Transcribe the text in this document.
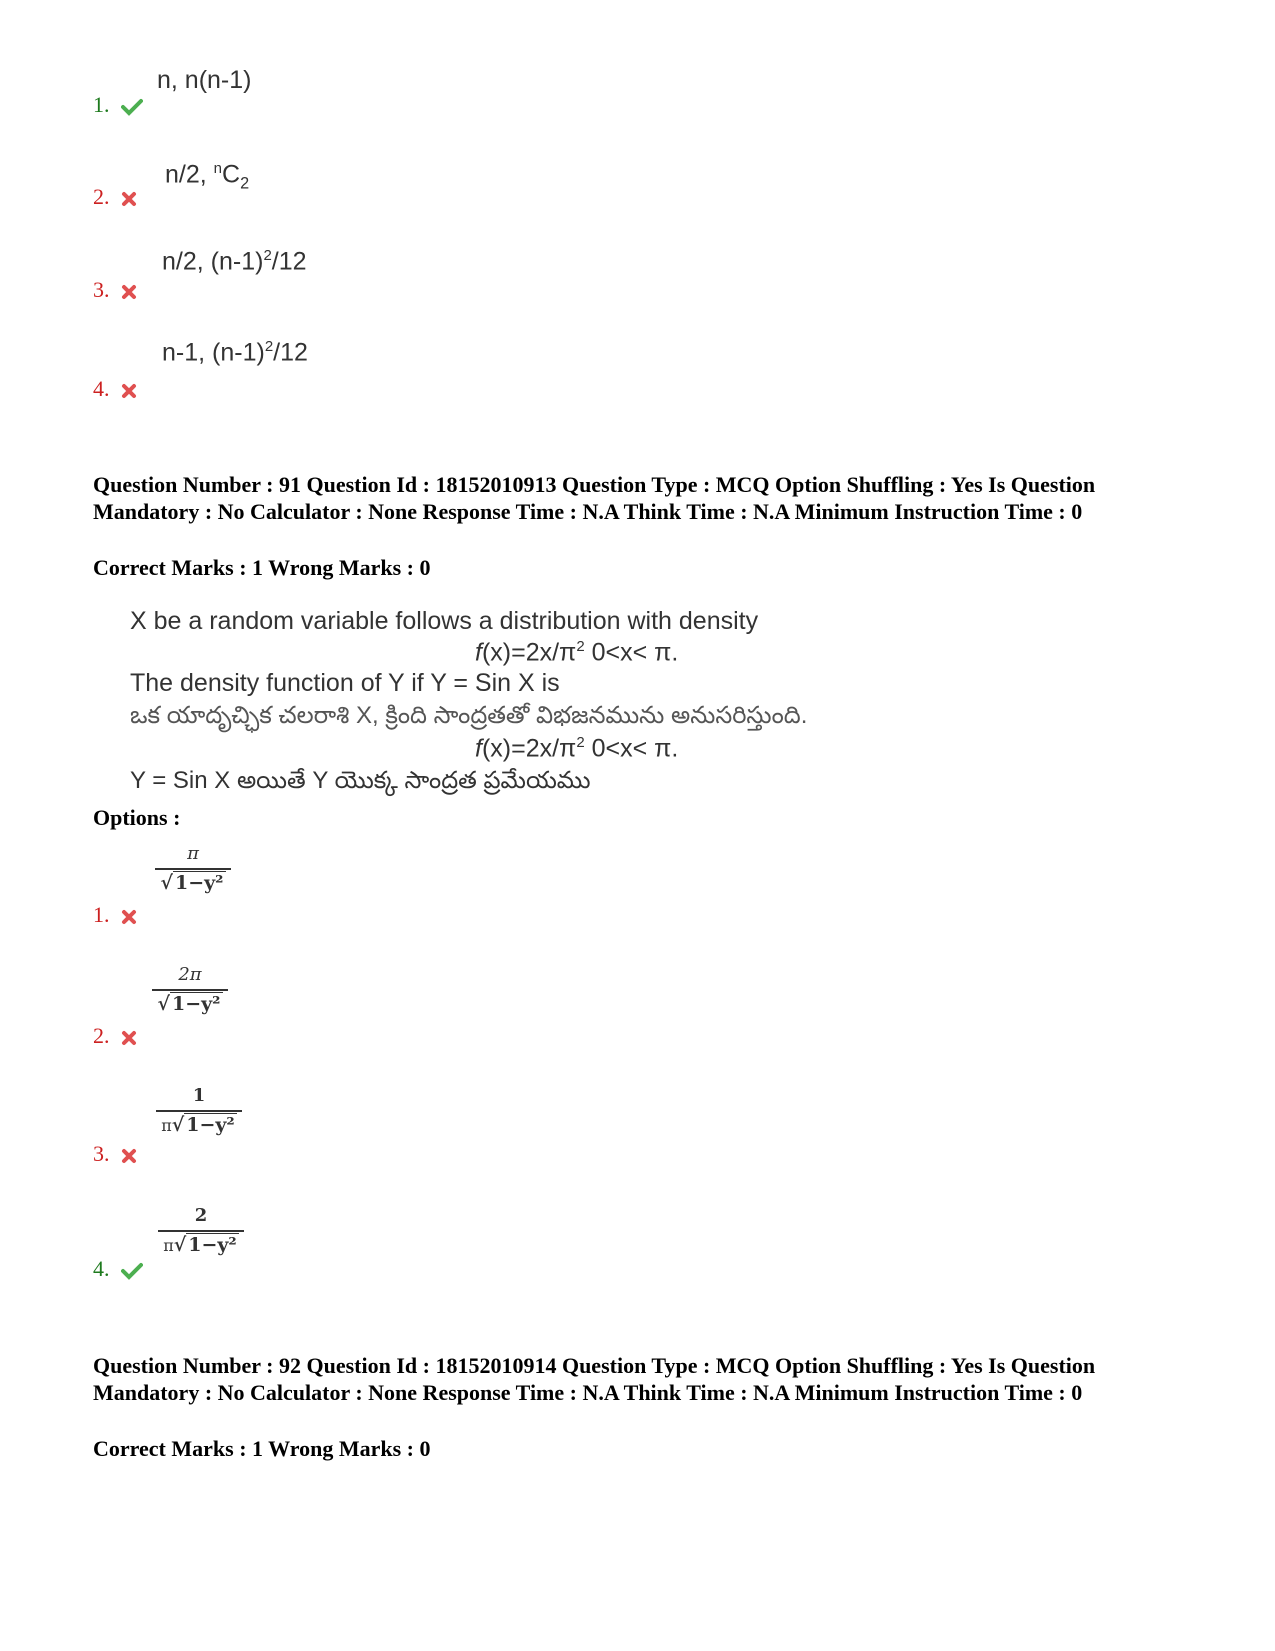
1.
n, n(n-1)
2.
n/2, $^nC_2$
3.
n/2, $(n-1)^2/12$
4.
n-1, $(n-1)^2/12$
Question Number : 91 Question Id : 18152010913 Question Type : MCQ Option Shuffling : Yes Is Question Mandatory : No Calculator : None Response Time : N.A Think Time : N.A Minimum Instruction Time : 0
Correct Marks : 1 Wrong Marks : 0
X be a random variable follows a distribution with density
$f(x)=2x/\pi^2$ 0<x< π.
The density function of Y if Y = Sin X is
ఒక యాదృచ్ఛిక చలరాశి X, క్రింది సాంద్రతతో విభజనమును అనుసరిస్తుంది.
$f(x)=2x/\pi^2$ 0<x< π.
Y = Sin X అయితే Y యొక్క సాంద్రత ప్రమేయము
Options :
1.
π
√ 1−y²
2.
2π
√ 1−y²
3.
1
π√ 1−y²
4.
2
π√ 1−y²
Question Number : 92 Question Id : 18152010914 Question Type : MCQ Option Shuffling : Yes Is Question Mandatory : No Calculator : None Response Time : N.A Think Time : N.A Minimum Instruction Time : 0
Correct Marks : 1 Wrong Marks : 0
